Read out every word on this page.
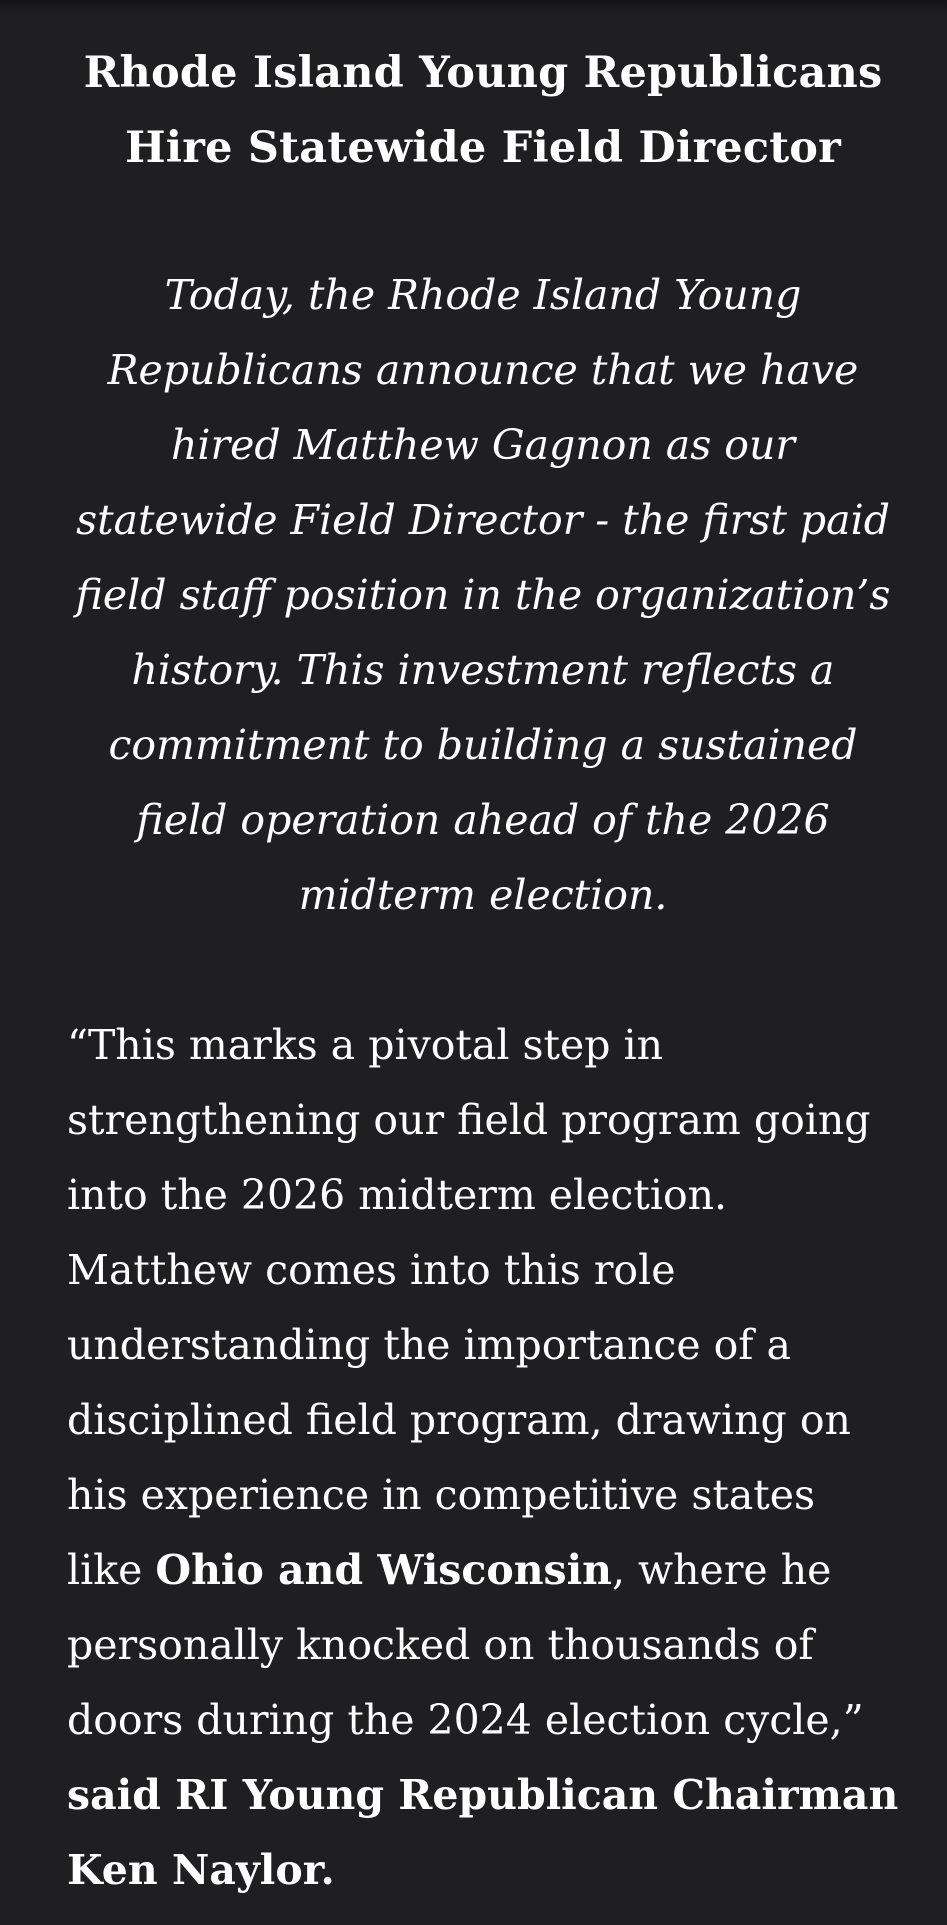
Rhode Island Young Republicans Hire Statewide Field Director

Today, the Rhode Island Young Republicans announce that we have hired Matthew Gagnon as our statewide Field Director - the first paid field staff position in the organization’s history. This investment reflects a commitment to building a sustained field operation ahead of the 2026 midterm election.

“This marks a pivotal step in strengthening our field program going into the 2026 midterm election. Matthew comes into this role understanding the importance of a disciplined field program, drawing on his experience in competitive states like Ohio and Wisconsin, where he personally knocked on thousands of doors during the 2024 election cycle,” said RI Young Republican Chairman Ken Naylor.
